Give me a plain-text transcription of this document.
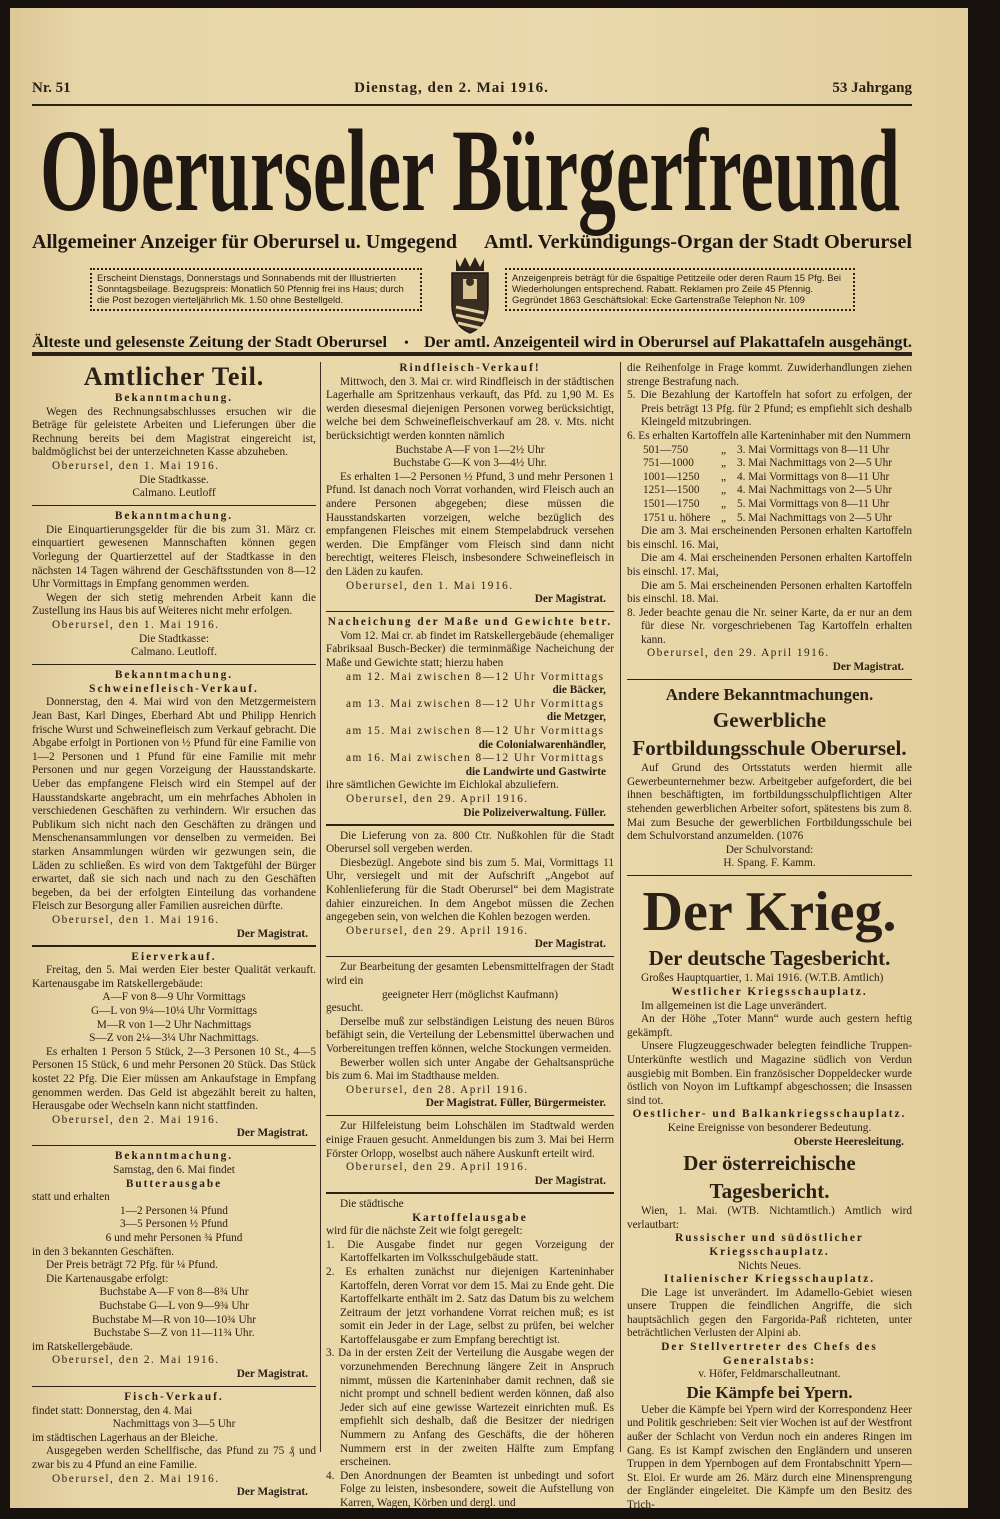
Nr. 51	Dienstag, den 2. Mai 1916.	53 Jahrgang
Oberurseler Bürgerfreund
Allgemeiner Anzeiger für Oberursel u. Umgegend Amtl. Verkündigungs-Organ der Stadt Oberursel
Erscheint Dienstags, Donnerstags und Sonnabends mit der Illustrierten Sonntagsbeilage. Bezugspreis: Monatlich 50 Pfennig frei ins Haus; durch die Post bezogen vierteljährlich Mk. 1.50 ohne Bestellgeld.
Anzeigenpreis beträgt für die 6spaltige Petitzeile oder deren Raum 15 Pfg. Bei Wiederholungen entsprechend. Rabatt. Reklamen pro Zeile 45 Pfennig. Gegründet 1863 Geschäftslokal: Ecke Gartenstraße Telephon Nr. 109
Älteste und gelesenste Zeitung der Stadt Oberursel	• Der amtl. Anzeigenteil wird in Oberursel auf Plakattafeln ausgehängt.
Amtlicher Teil.
Bekanntmachung.
Wegen des Rechnungsabschlusses ersuchen wir die Beträge für geleistete Arbeiten und Lieferungen über die Rechnung bereits bei dem Magistrat eingereicht ist, baldmöglichst bei der unterzeichneten Kasse abzuheben.
Oberursel, den 1. Mai 1916.
Die Stadtkasse.
Calmano. Leutloff
Bekanntmachung.
Die Einquartierungsgelder für die bis zum 31. März cr. einquartiert gewesenen Mannschaften können gegen Vorlegung der Quartierzettel auf der Stadtkasse in den nächsten 14 Tagen während der Geschäftsstunden von 8—12 Uhr Vormittags in Empfang genommen werden.
Wegen der sich stetig mehrenden Arbeit kann die Zustellung ins Haus bis auf Weiteres nicht mehr erfolgen.
Oberursel, den 1. Mai 1916.
Die Stadtkasse:
Calmano. Leutloff.
Bekanntmachung.
Schweinefleisch-Verkauf.
Donnerstag, den 4. Mai wird von den Metzgermeistern Jean Bast, Karl Dinges, Eberhard Abt und Philipp Henrich frische Wurst und Schweinefleisch zum Verkauf gebracht. Die Abgabe erfolgt in Portionen von ½ Pfund für eine Familie von 1—2 Personen und 1 Pfund für eine Familie mit mehr Personen und nur gegen Vorzeigung der Hausstandskarte. Ueber das empfangene Fleisch wird ein Stempel auf der Hausstandskarte angebracht, um ein mehrfaches Abholen in verschiedenen Geschäften zu verhindern. Wir ersuchen das Publikum sich nicht nach den Geschäften zu drängen und Menschenansammlungen vor denselben zu vermeiden. Bei starken Ansammlungen würden wir gezwungen sein, die Läden zu schließen. Es wird von dem Taktgefühl der Bürger erwartet, daß sie sich nach und nach zu den Geschäften begeben, da bei der erfolgten Einteilung das vorhandene Fleisch zur Besorgung aller Familien ausreichen dürfte.
Oberursel, den 1. Mai 1916.
Der Magistrat.
Eierverkauf.
Freitag, den 5. Mai werden Eier bester Qualität verkauft. Kartenausgabe im Ratskellergebäude:
A—F von 8—9 Uhr Vormittags
G—L von 9¼—10¼ Uhr Vormittags
M—R von 1—2 Uhr Nachmittags
S—Z von 2¼—3¼ Uhr Nachmittags.
Es erhalten 1 Person 5 Stück, 2—3 Personen 10 St., 4—5 Personen 15 Stück, 6 und mehr Personen 20 Stück. Das Stück kostet 22 Pfg. Die Eier müssen am Ankaufstage in Empfang genommen werden. Das Geld ist abgezählt bereit zu halten, Herausgabe oder Wechseln kann nicht stattfinden.
Oberursel, den 2. Mai 1916.
Der Magistrat.
Bekanntmachung.
Samstag, den 6. Mai findet
Butterausgabe
statt und erhalten
1—2 Personen ¼ Pfund
3—5 Personen ½ Pfund
6 und mehr Personen ¾ Pfund
in den 3 bekannten Geschäften.
Der Preis beträgt 72 Pfg. für ¼ Pfund.
Die Kartenausgabe erfolgt:
Buchstabe A—F von 8—8¾ Uhr
Buchstabe G—L von 9—9¾ Uhr
Buchstabe M—R von 10—10¾ Uhr
Buchstabe S—Z von 11—11¾ Uhr.
im Ratskellergebäude.
Oberursel, den 2. Mai 1916.
Der Magistrat.
Fisch-Verkauf.
findet statt: Donnerstag, den 4. Mai
Nachmittags von 3—5 Uhr
im städtischen Lagerhaus an der Bleiche.
Ausgegeben werden Schellfische, das Pfund zu 75 ₰ und zwar bis zu 4 Pfund an eine Familie.
Oberursel, den 2. Mai 1916.
Der Magistrat.
Rindfleisch-Verkauf!
Mittwoch, den 3. Mai cr. wird Rindfleisch in der städtischen Lagerhalle am Spritzenhaus verkauft, das Pfd. zu 1,90 M. Es werden diesesmal diejenigen Personen vorweg berücksichtigt, welche bei dem Schweinefleischverkauf am 28. v. Mts. nicht berücksichtigt werden konnten nämlich
Buchstabe A—F von 1—2½ Uhr
Buchstabe G—K von 3—4½ Uhr.
Es erhalten 1—2 Personen ½ Pfund, 3 und mehr Personen 1 Pfund. Ist danach noch Vorrat vorhanden, wird Fleisch auch an andere Personen abgegeben; diese müssen die Hausstandskarten vorzeigen, welche bezüglich des empfangenen Fleisches mit einem Stempelabdruck versehen werden. Die Empfänger vom Fleisch sind dann nicht berechtigt, weiteres Fleisch, insbesondere Schweinefleisch in den Läden zu kaufen.
Oberursel, den 1. Mai 1916.
Der Magistrat.
Nacheichung der Maße und Gewichte betr.
Vom 12. Mai cr. ab findet im Ratskellergebäude (ehemaliger Fabriksaal Busch-Becker) die terminmäßige Nacheichung der Maße und Gewichte statt; hierzu haben
am 12. Mai zwischen 8—12 Uhr Vormittags
die Bäcker,
am 13. Mai zwischen 8—12 Uhr Vormittags
die Metzger,
am 15. Mai zwischen 8—12 Uhr Vormittags
die Colonialwarenhändler,
am 16. Mai zwischen 8—12 Uhr Vormittags
die Landwirte und Gastwirte
ihre sämtlichen Gewichte im Eichlokal abzuliefern.
Oberursel, den 29. April 1916.
Die Polizeiverwaltung. Füller.
Die Lieferung von za. 800 Ctr. Nußkohlen für die Stadt Oberursel soll vergeben werden.
Diesbezügl. Angebote sind bis zum 5. Mai, Vormittags 11 Uhr, versiegelt und mit der Aufschrift „Angebot auf Kohlenlieferung für die Stadt Oberursel“ bei dem Magistrate dahier einzureichen. In dem Angebot müssen die Zechen angegeben sein, von welchen die Kohlen bezogen werden.
Oberursel, den 29. April 1916.
Der Magistrat.
Zur Bearbeitung der gesamten Lebensmittelfragen der Stadt wird ein
geeigneter Herr (möglichst Kaufmann)
gesucht.
Derselbe muß zur selbständigen Leistung des neuen Büros befähigt sein, die Verteilung der Lebensmittel überwachen und Vorbereitungen treffen können, welche Stockungen vermeiden.
Bewerber wollen sich unter Angabe der Gehaltsansprüche bis zum 6. Mai im Stadthause melden.
Oberursel, den 28. April 1916.
Der Magistrat. Füller, Bürgermeister.
Zur Hilfeleistung beim Lohschälen im Stadtwald werden einige Frauen gesucht. Anmeldungen bis zum 3. Mai bei Herrn Förster Orlopp, woselbst auch nähere Auskunft erteilt wird.
Oberursel, den 29. April 1916.
Der Magistrat.
Die städtische
Kartoffelausgabe
wird für die nächste Zeit wie folgt geregelt:
1. Die Ausgabe findet nur gegen Vorzeigung der Kartoffelkarten im Volksschulgebäude statt.
2. Es erhalten zunächst nur diejenigen Karteninhaber Kartoffeln, deren Vorrat vor dem 15. Mai zu Ende geht. Die Kartoffelkarte enthält im 2. Satz das Datum bis zu welchem Zeitraum der jetzt vorhandene Vorrat reichen muß; es ist somit ein Jeder in der Lage, selbst zu prüfen, bei welcher Kartoffelausgabe er zum Empfang berechtigt ist.
3. Da in der ersten Zeit der Verteilung die Ausgabe wegen der vorzunehmenden Berechnung längere Zeit in Anspruch nimmt, müssen die Karteninhaber damit rechnen, daß sie nicht prompt und schnell bedient werden können, daß also Jeder sich auf eine gewisse Wartezeit einrichten muß. Es empfiehlt sich deshalb, daß die Besitzer der niedrigen Nummern zu Anfang des Geschäfts, die der höheren Nummern erst in der zweiten Hälfte zum Empfang erscheinen.
4. Den Anordnungen der Beamten ist unbedingt und sofort Folge zu leisten, insbesondere, soweit die Aufstellung von Karren, Wagen, Körben und dergl. und
die Reihenfolge in Frage kommt. Zuwiderhandlungen ziehen strenge Bestrafung nach.
5. Die Bezahlung der Kartoffeln hat sofort zu erfolgen, der Preis beträgt 13 Pfg. für 2 Pfund; es empfiehlt sich deshalb Kleingeld mitzubringen.
6. Es erhalten Kartoffeln alle Karteninhaber mit den Nummern
501—750	„ 3. Mai Vormittags von 8—11 Uhr
751—1000	„ 3. Mai Nachmittags von 2—5 Uhr
1001—1250	„ 4. Mai Vormittags von 8—11 Uhr
1251—1500	„ 4. Mai Nachmittags von 2—5 Uhr
1501—1750	„ 5. Mai Vormittags von 8—11 Uhr
1751 u. höhere „ 5. Mai Nachmittags von 2—5 Uhr
Die am 3. Mai erscheinenden Personen erhalten Kartoffeln bis einschl. 16. Mai,
Die am 4. Mai erscheinenden Personen erhalten Kartoffeln bis einschl. 17. Mai,
Die am 5. Mai erscheinenden Personen erhalten Kartoffeln bis einschl. 18. Mai.
8. Jeder beachte genau die Nr. seiner Karte, da er nur an dem für diese Nr. vorgeschriebenen Tag Kartoffeln erhalten kann.
Oberursel, den 29. April 1916.
Der Magistrat.
Andere Bekanntmachungen.
Gewerbliche Fortbildungsschule Oberursel.
Auf Grund des Ortsstatuts werden hiermit alle Gewerbeunternehmer bezw. Arbeitgeber aufgefordert, die bei ihnen beschäftigten, im fortbildungsschulpflichtigen Alter stehenden gewerblichen Arbeiter sofort, spätestens bis zum 8. Mai zum Besuche der gewerblichen Fortbildungsschule bei dem Schulvorstand anzumelden. (1076
Der Schulvorstand:
H. Spang. F. Kamm.
Der Krieg.
Der deutsche Tagesbericht.
Großes Hauptquartier, 1. Mai 1916. (W.T.B. Amtlich)
Westlicher Kriegsschauplatz.
Im allgemeinen ist die Lage unverändert.
An der Höhe „Toter Mann“ wurde auch gestern heftig gekämpft.
Unsere Flugzeuggeschwader belegten feindliche Truppen-Unterkünfte westlich und Magazine südlich von Verdun ausgiebig mit Bomben. Ein französischer Doppeldecker wurde östlich von Noyon im Luftkampf abgeschossen; die Insassen sind tot.
Oestlicher- und Balkankriegsschauplatz.
Keine Ereignisse von besonderer Bedeutung.
Oberste Heeresleitung.
Der österreichische Tagesbericht.
Wien, 1. Mai. (WTB. Nichtamtlich.) Amtlich wird verlautbart:
Russischer und südöstlicher Kriegsschauplatz.
Nichts Neues.
Italienischer Kriegsschauplatz.
Die Lage ist unverändert. Im Adamello-Gebiet wiesen unsere Truppen die feindlichen Angriffe, die sich hauptsächlich gegen den Fargorida-Paß richteten, unter beträchtlichen Verlusten der Alpini ab.
Der Stellvertreter des Chefs des Generalstabs:
v. Höfer, Feldmarschalleutnant.
Die Kämpfe bei Ypern.
Ueber die Kämpfe bei Ypern wird der Korrespondenz Heer und Politik geschrieben: Seit vier Wochen ist auf der Westfront außer der Schlacht von Verdun noch ein anderes Ringen im Gang. Es ist Kampf zwischen den Engländern und unseren Truppen in dem Ypernbogen auf dem Frontabschnitt Ypern—St. Eloi. Er wurde am 26. März durch eine Minensprengung der Engländer eingeleitet. Die Kämpfe um den Besitz des Trich-
